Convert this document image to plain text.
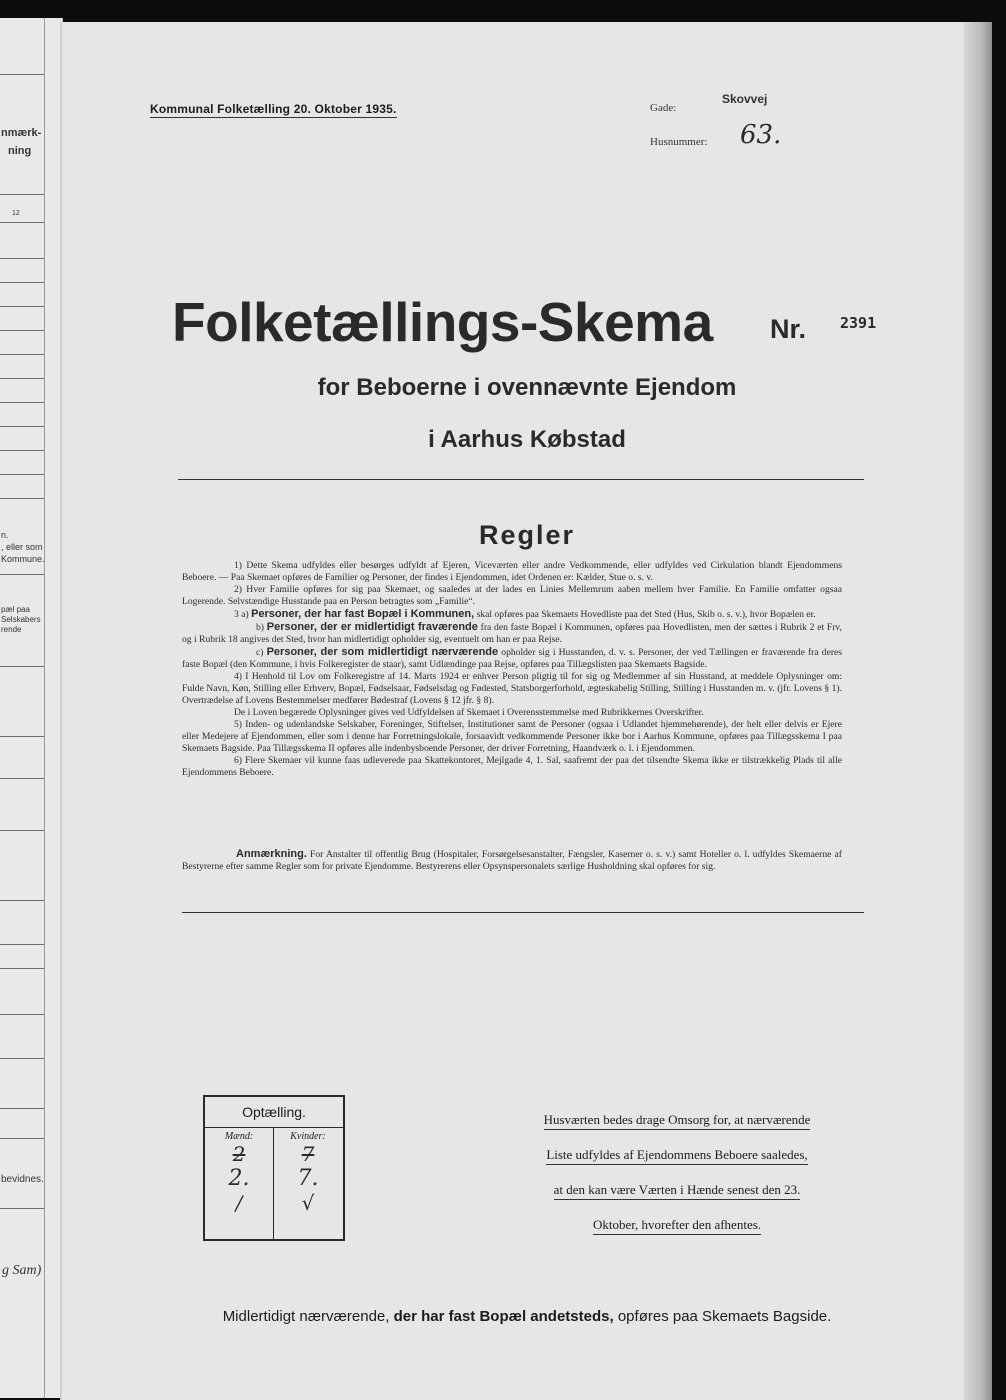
nmærk-
ning
12
n.
, eller som
Kommune.
pæl paa
Selskabers
rende
bevidnes.
g Sam)
Kommunal Folketælling 20. Oktober 1935.	Gade:
Skovvej
Husnummer: 63.
Folketællings-Skema Nr. 2391
for Beboerne i ovennævnte Ejendom
i Aarhus Købstad
Regler

1) Dette Skema udfyldes eller besørges udfyldt af Ejeren, Viceværten eller andre Vedkommende, eller udfyldes ved Cirkulation blandt Ejendommens Beboere. — Paa Skemaet opføres de Familier og Personer, der findes i Ejendommen, idet Ordenen er: Kælder, Stue o. s. v.

2) Hver Familie opføres for sig paa Skemaet, og saaledes at der lades en Linies Mellemrum aaben mellem hver Familie. En Familie omfatter ogsaa Logerende. Selvstændige Husstande paa en Person betragtes som „Familie“.

3 a) Personer, der har fast Bopæl i Kommunen, skal opføres paa Skemaets Hovedliste paa det Sted (Hus, Skib o. s. v.), hvor Bopælen er.

b) Personer, der er midlertidigt fraværende fra den faste Bopæl i Kommunen, opføres paa Hovedlisten, men der sættes i Rubrik 2 et Frv, og i Rubrik 18 angives det Sted, hvor han midlertidigt opholder sig, eventuelt om han er paa Rejse.

c) Personer, der som midlertidigt nærværende opholder sig i Husstanden, d. v. s. Personer, der ved Tællingen er fraværende fra deres faste Bopæl (den Kommune, i hvis Folkeregister de staar), samt Udlændinge paa Rejse, opføres paa Tillægslisten paa Skemaets Bagside.

4) I Henhold til Lov om Folkeregistre af 14. Marts 1924 er enhver Person pligtig til for sig og Medlemmer af sin Husstand, at meddele Oplysninger om: Fulde Navn, Køn, Stilling eller Erhverv, Bopæl, Fødselsaar, Fødselsdag og Fødested, Statsborgerforhold, ægteskabelig Stilling, Stilling i Husstanden m. v. (jfr. Lovens § 1). Overtrædelse af Lovens Bestemmelser medfører Bødestraf (Lovens § 12 jfr. § 8).

De i Loven begærede Oplysninger gives ved Udfyldelsen af Skemaet i Overensstemmelse med Rubrikkernes Overskrifter.

5) Inden- og udenlandske Selskaber, Foreninger, Stiftelser, Institutioner samt de Personer (ogsaa i Udlandet hjemmehørende), der helt eller delvis er Ejere eller Medejere af Ejendommen, eller som i denne har Forretningslokale, forsaavidt vedkommende Personer ikke bor i Aarhus Kommune, opføres paa Tillægsskema I paa Skemaets Bagside. Paa Tillægsskema II opføres alle indenbysboende Personer, der driver Forretning, Haandværk o. l. i Ejendommen.

6) Flere Skemaer vil kunne faas udleverede paa Skattekontoret, Mejlgade 4, 1. Sal, saafremt der paa det tilsendte Skema ikke er tilstrækkelig Plads til alle Ejendommens Beboere.

Anmærkning. For Anstalter til offentlig Brug (Hospitaler, Forsørgelsesanstalter, Fængsler, Kaserner o. s. v.) samt Hoteller o. l. udfyldes Skemaerne af Bestyrerne efter samme Regler som for private Ejendomme. Bestyrerens eller Opsynspersonalets særlige Husholdning skal opføres for sig.
Optælling.
Mænd:
2
2.
/
Kvinder:
7
7.
√
Husværten bedes drage Omsorg for, at nærværende
Liste udfyldes af Ejendommens Beboere saaledes,
at den kan være Værten i Hænde senest den 23.
Oktober, hvorefter den afhentes.
Midlertidigt nærværende, der har fast Bopæl andetsteds, opføres paa Skemaets Bagside.
